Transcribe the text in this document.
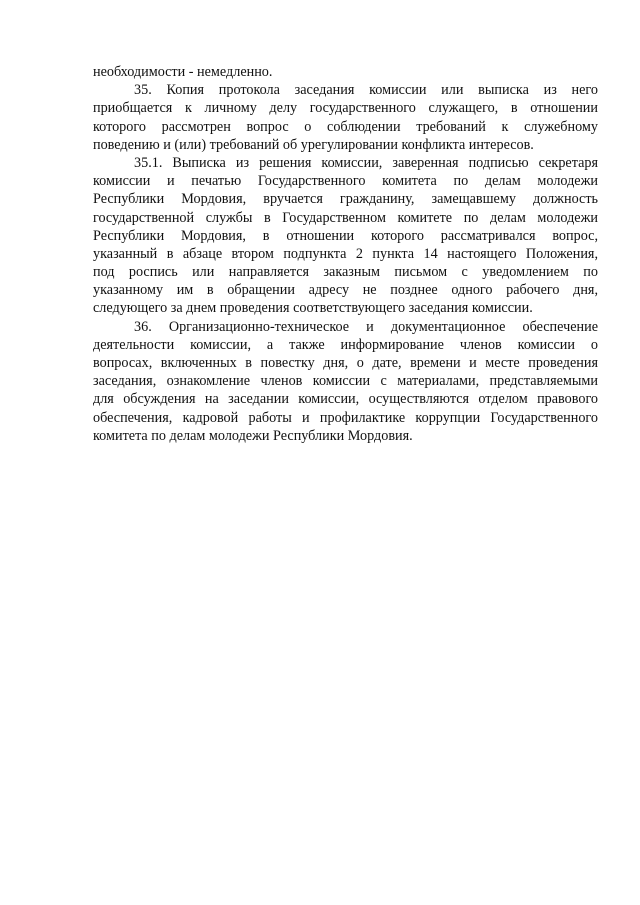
необходимости - немедленно.
35. Копия протокола заседания комиссии или выписка из него
приобщается к личному делу государственного служащего, в отношении
которого рассмотрен вопрос о соблюдении требований к служебному
поведению и (или) требований об урегулировании конфликта интересов.
35.1. Выписка из решения комиссии, заверенная подписью секретаря
комиссии и печатью Государственного комитета по делам молодежи
Республики Мордовия, вручается гражданину, замещавшему должность
государственной службы в Государственном комитете по делам молодежи
Республики Мордовия, в отношении которого рассматривался вопрос,
указанный в абзаце втором подпункта 2 пункта 14 настоящего Положения,
под роспись или направляется заказным письмом с уведомлением по
указанному им в обращении адресу не позднее одного рабочего дня,
следующего за днем проведения соответствующего заседания комиссии.
36. Организационно-техническое и документационное обеспечение
деятельности комиссии, а также информирование членов комиссии о
вопросах, включенных в повестку дня, о дате, времени и месте проведения
заседания, ознакомление членов комиссии с материалами, представляемыми
для обсуждения на заседании комиссии, осуществляются отделом правового
обеспечения, кадровой работы и профилактике коррупции Государственного
комитета по делам молодежи Республики Мордовия.
